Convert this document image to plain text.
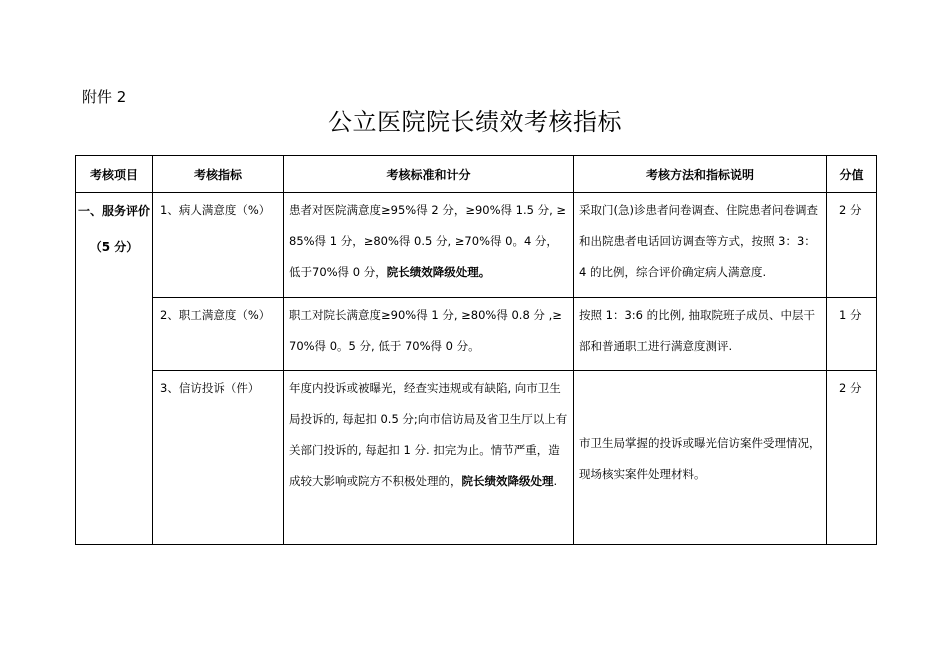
附件 2
公立医院院长绩效考核指标
考核项目	考核指标	考核标准和计分	考核方法和指标说明	分值

一、服务评价
（5 分）	1、病人满意度（%）	患者对医院满意度≥95%得 2 分，≥90%得 1.5 分, ≥85%得 1 分，≥80%得 0.5 分, ≥70%得 0。4 分，低于70%得 0 分，院长绩效降级处理。	采取门(急)诊患者问卷调查、住院患者问卷调查和出院患者电话回访调查等方式，按照 3：3：4 的比例，综合评价确定病人满意度.	2 分

	2、职工满意度（%）	职工对院长满意度≥90%得 1 分, ≥80%得 0.8 分 ,≥70%得 0。5 分, 低于 70%得 0 分。	按照 1：3:6 的比例, 抽取院班子成员、中层干部和普通职工进行满意度测评.	1 分

	3、信访投诉（件）	年度内投诉或被曝光，经查实违规或有缺陷, 向市卫生局投诉的, 每起扣 0.5 分;向市信访局及省卫生厅以上有关部门投诉的, 每起扣 1 分. 扣完为止。情节严重，造成较大影响或院方不积极处理的，院长绩效降级处理.	市卫生局掌握的投诉或曝光信访案件受理情况，现场核实案件处理材料。	2 分
